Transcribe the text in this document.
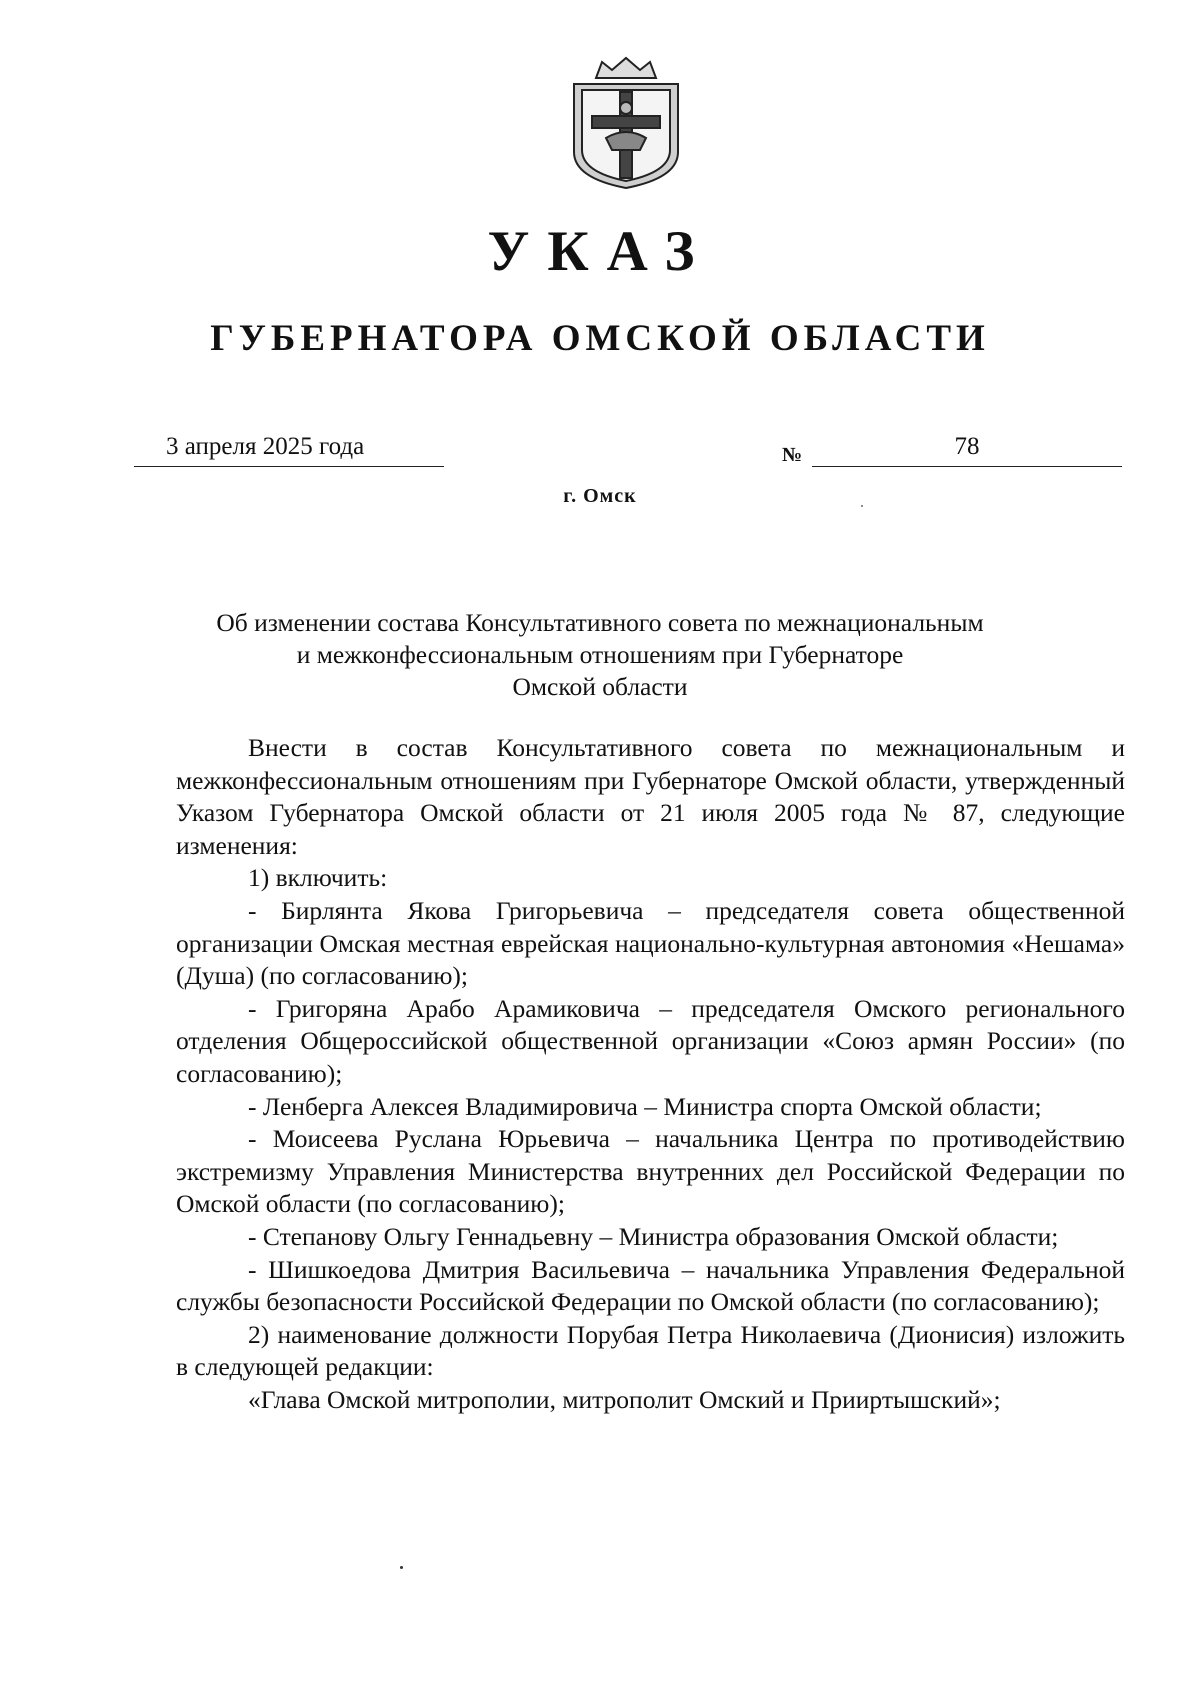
УКАЗ
ГУБЕРНАТОРА ОМСКОЙ ОБЛАСТИ
3 апреля 2025 года	№	78
г. Омск
Об изменении состава Консультативного совета по межнациональным
и межконфессиональным отношениям при Губернаторе
Омской области

Внести в состав Консультативного совета по межнациональным и межконфессиональным отношениям при Губернаторе Омской области, утвержденный Указом Губернатора Омской области от 21 июля 2005 года № 87, следующие изменения:

1) включить:

- Бирлянта Якова Григорьевича – председателя совета общественной организации Омская местная еврейская национально-культурная автономия «Нешама» (Душа) (по согласованию);

- Григоряна Арабо Арамиковича – председателя Омского регионального отделения Общероссийской общественной организации «Союз армян России» (по согласованию);

- Ленберга Алексея Владимировича – Министра спорта Омской области;

- Моисеева Руслана Юрьевича – начальника Центра по противодействию экстремизму Управления Министерства внутренних дел Российской Федерации по Омской области (по согласованию);

- Степанову Ольгу Геннадьевну – Министра образования Омской области;

- Шишкоедова Дмитрия Васильевича – начальника Управления Федеральной службы безопасности Российской Федерации по Омской области (по согласованию);

2) наименование должности Порубая Петра Николаевича (Дионисия) изложить в следующей редакции:

«Глава Омской митрополии, митрополит Омский и Прииртышский»;
